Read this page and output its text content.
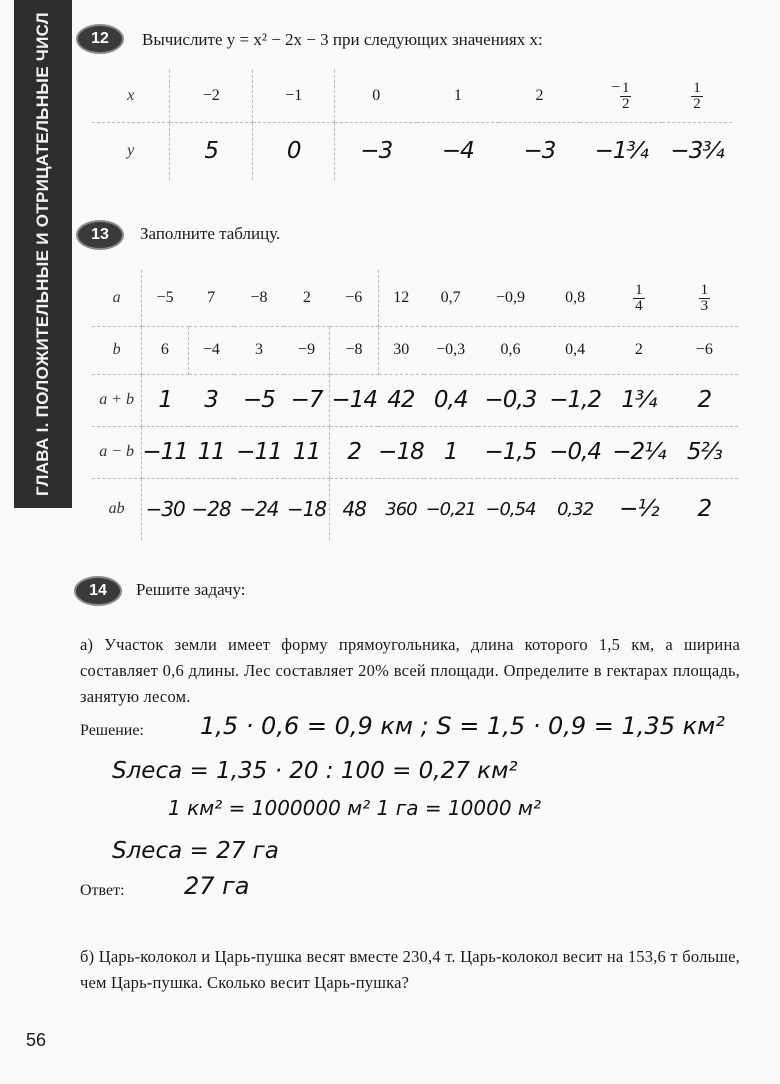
ГЛАВА I. ПОЛОЖИТЕЛЬНЫЕ И ОТРИЦАТЕЛЬНЫЕ ЧИСЛ	12	Вычислите y = x² − 2x − 3 при следующих значениях x:
x	−2	−1	0	1	2	− $\frac{1}{2}$	$\frac{1}{2}$

y	5	0	−3	−4	−3	−1¾	−3¾
13	Заполните таблицу.
a	−5	7	−8	2	−6	12	0,7	−0,9	0,8	$\frac{1}{4}$	$\frac{1}{3}$

b	6	−4	3	−9	−8	30	−0,3	0,6	0,4	2	−6
a + b	1	3	−5	−7	−14	42	0,4	−0,3	−1,2	1¾	2
a − b	−11	11	−11	11	2	−18	1	−1,5	−0,4	−2¼	5⅔
ab	−30	−28	−24	−18	48	360	−0,21	−0,54	0,32	−½	2
14	Решите задачу:
а) Участок земли имеет форму прямоугольника, длина которого 1,5 км, а ширина составляет 0,6 длины. Лес составляет 20% всей площади. Определите в гектарах площадь, занятую лесом.
Решение: 1,5 · 0,6 = 0,9 км ; S = 1,5 · 0,9 = 1,35 км²
Sлеса = 1,35 · 20 : 100 = 0,27 км²
1 км² = 1000000 м² 1 га = 10000 м²
Sлеса = 27 га
Ответ: 27 га
б) Царь-колокол и Царь-пушка весят вместе 230,4 т. Царь-колокол весит на 153,6 т больше, чем Царь-пушка. Сколько весит Царь-пушка?
56
